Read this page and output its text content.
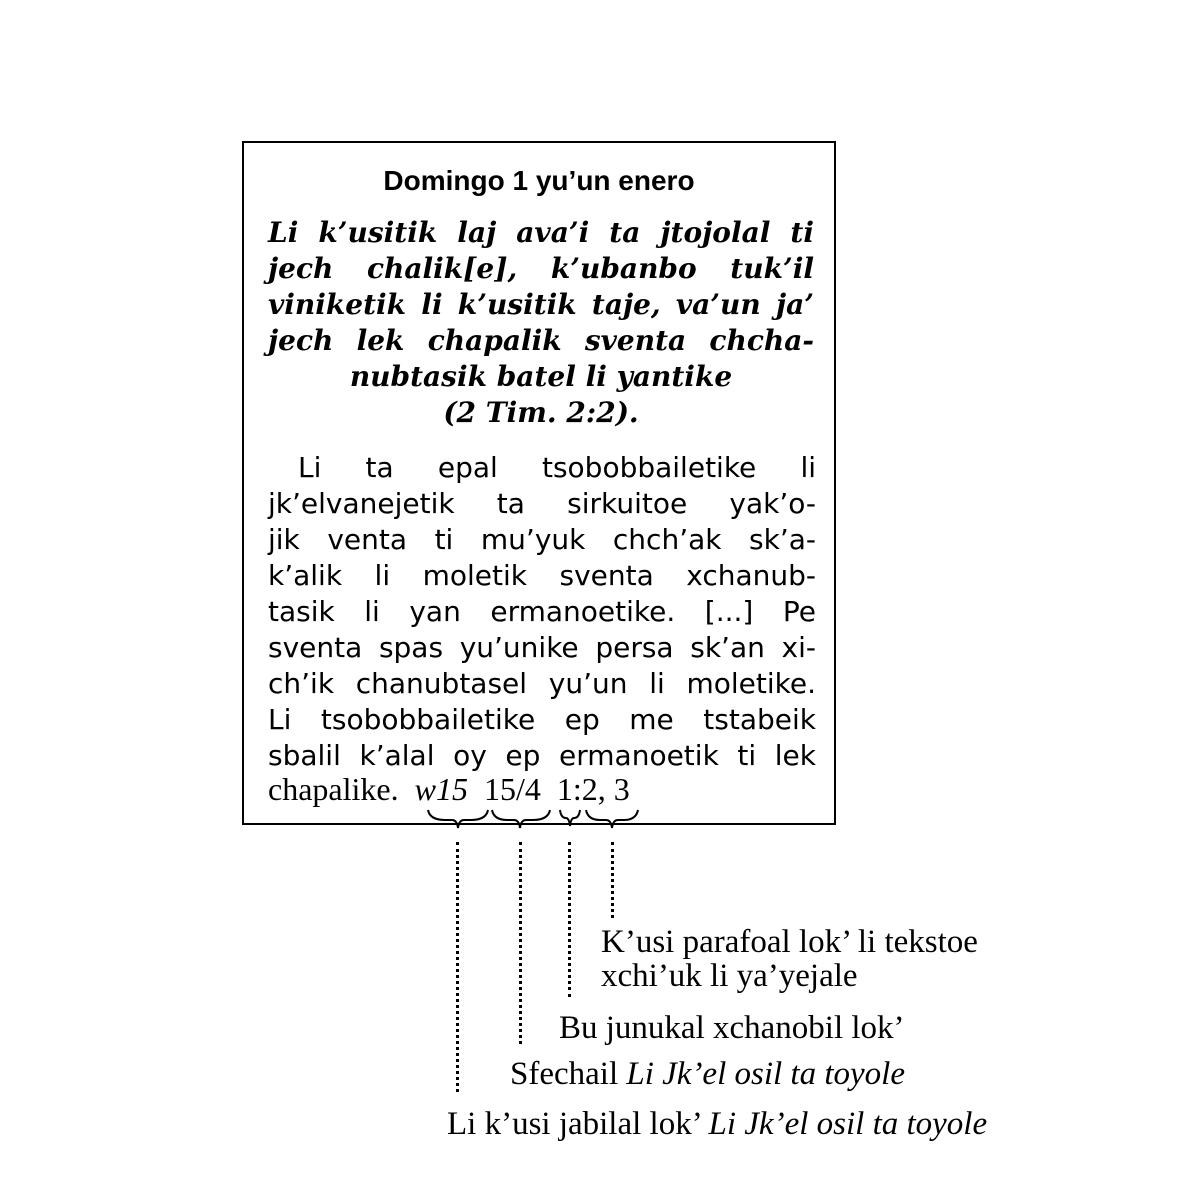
Domingo 1 yu’un enero
Li k’usitik laj ava’i ta jtojolal ti
jech chalik[e], k’ubanbo tuk’il
viniketik li k’usitik taje, va’un ja’
jech lek chapalik sventa chcha-
nubtasik batel li yantike
(2 Tim. 2:2).
Li ta epal tsobobbailetike li
jk’elvanejetik ta sirkuitoe yak’o-
jik venta ti mu’yuk chch’ak sk’a-
k’alik li moletik sventa xchanub-
tasik li yan ermanoetike. [...] Pe
sventa spas yu’unike persa sk’an xi-
ch’ik chanubtasel yu’un li moletike.
Li tsobobbailetike ep me tstabeik
sbalil k’alal oy ep ermanoetik ti lek
chapalike. w15 15/4 1:2, 3
K’usi parafoal lok’ li tekstoe
xchi’uk li ya’yejale
Bu junukal xchanobil lok’
Sfechail Li Jk’el osil ta toyole
Li k’usi jabilal lok’ Li Jk’el osil ta toyole
